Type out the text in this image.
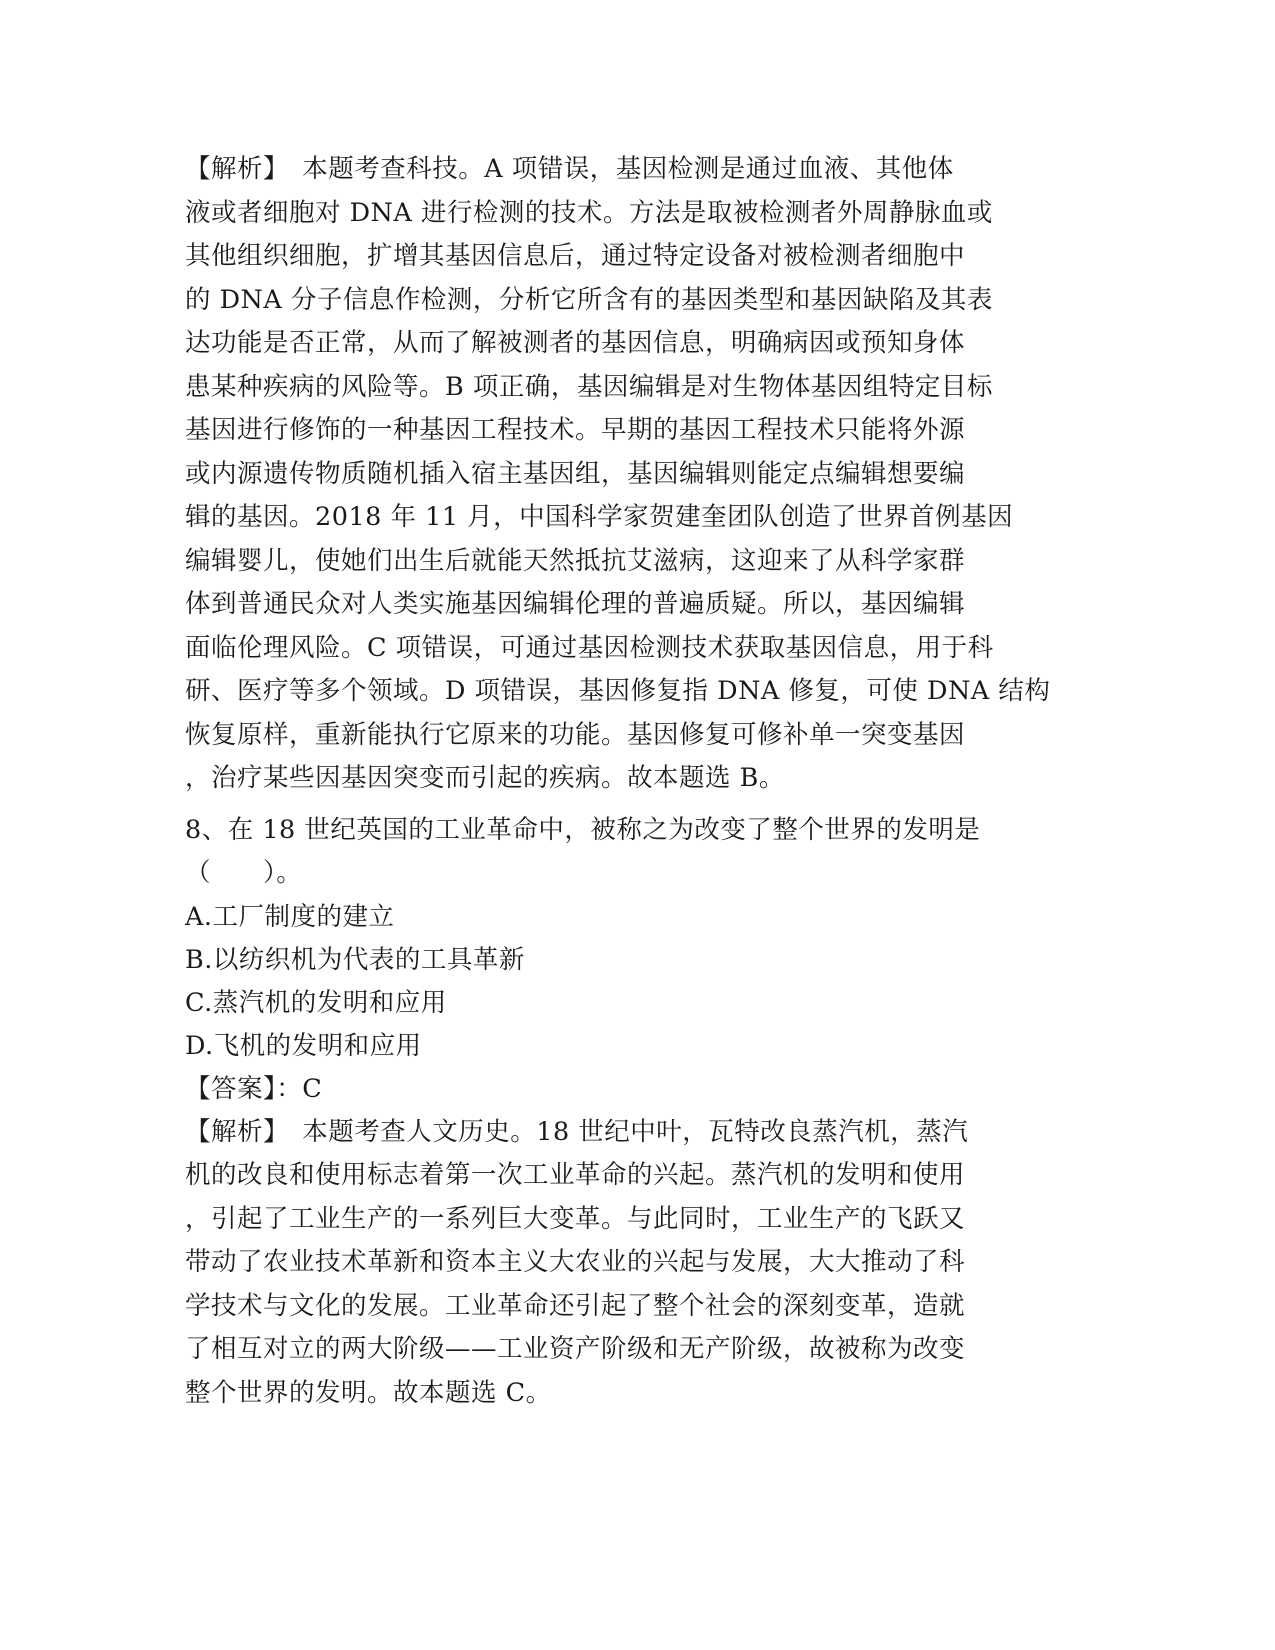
【解析】　本题考查科技。A 项错误，基因检测是通过血液、其他体
液或者细胞对 DNA 进行检测的技术。方法是取被检测者外周静脉血或
其他组织细胞，扩增其基因信息后，通过特定设备对被检测者细胞中
的 DNA 分子信息作检测，分析它所含有的基因类型和基因缺陷及其表
达功能是否正常，从而了解被测者的基因信息，明确病因或预知身体
患某种疾病的风险等。B 项正确，基因编辑是对生物体基因组特定目标
基因进行修饰的一种基因工程技术。早期的基因工程技术只能将外源
或内源遗传物质随机插入宿主基因组，基因编辑则能定点编辑想要编
辑的基因。2018 年 11 月，中国科学家贺建奎团队创造了世界首例基因
编辑婴儿，使她们出生后就能天然抵抗艾滋病，这迎来了从科学家群
体到普通民众对人类实施基因编辑伦理的普遍质疑。所以，基因编辑
面临伦理风险。C 项错误，可通过基因检测技术获取基因信息，用于科
研、医疗等多个领域。D 项错误，基因修复指 DNA 修复，可使 DNA 结构
恢复原样，重新能执行它原来的功能。基因修复可修补单一突变基因
，治疗某些因基因突变而引起的疾病。故本题选 B。
8、在 18 世纪英国的工业革命中，被称之为改变了整个世界的发明是
（　　）。
A.工厂制度的建立
B.以纺织机为代表的工具革新
C.蒸汽机的发明和应用
D.飞机的发明和应用
【答案】：C
【解析】　本题考查人文历史。18 世纪中叶，瓦特改良蒸汽机，蒸汽
机的改良和使用标志着第一次工业革命的兴起。蒸汽机的发明和使用
，引起了工业生产的一系列巨大变革。与此同时，工业生产的飞跃又
带动了农业技术革新和资本主义大农业的兴起与发展，大大推动了科
学技术与文化的发展。工业革命还引起了整个社会的深刻变革，造就
了相互对立的两大阶级——工业资产阶级和无产阶级，故被称为改变
整个世界的发明。故本题选 C。
